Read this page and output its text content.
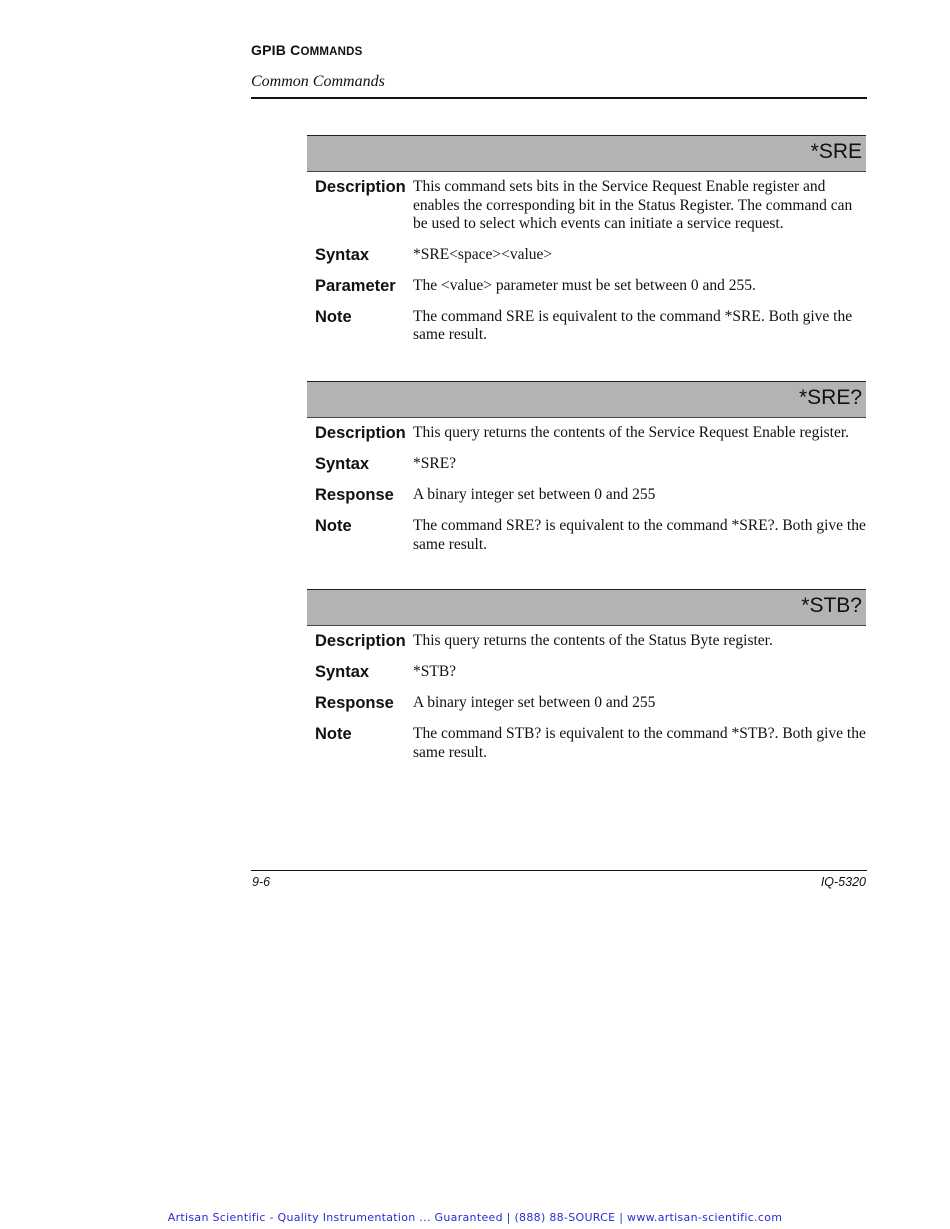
GPIB COMMANDS
Common Commands
*SRE
Description This command sets bits in the Service Request Enable register and enables the corresponding bit in the Status Register. The command can be used to select which events can initiate a service request.
Syntax	*SRE<space><value>
Parameter	The <value> parameter must be set between 0 and 255.
Note	The command SRE is equivalent to the command *SRE. Both give the same result.
*SRE?
Description This query returns the contents of the Service Request Enable register.
Syntax	*SRE?
Response	A binary integer set between 0 and 255
Note	The command SRE? is equivalent to the command *SRE?. Both give the same result.
*STB?
Description This query returns the contents of the Status Byte register.
Syntax	*STB?
Response	A binary integer set between 0 and 255
Note	The command STB? is equivalent to the command *STB?. Both give the same result.
9-6	IQ-5320
Artisan Scientific - Quality Instrumentation ... Guaranteed | (888) 88-SOURCE | www.artisan-scientific.com
